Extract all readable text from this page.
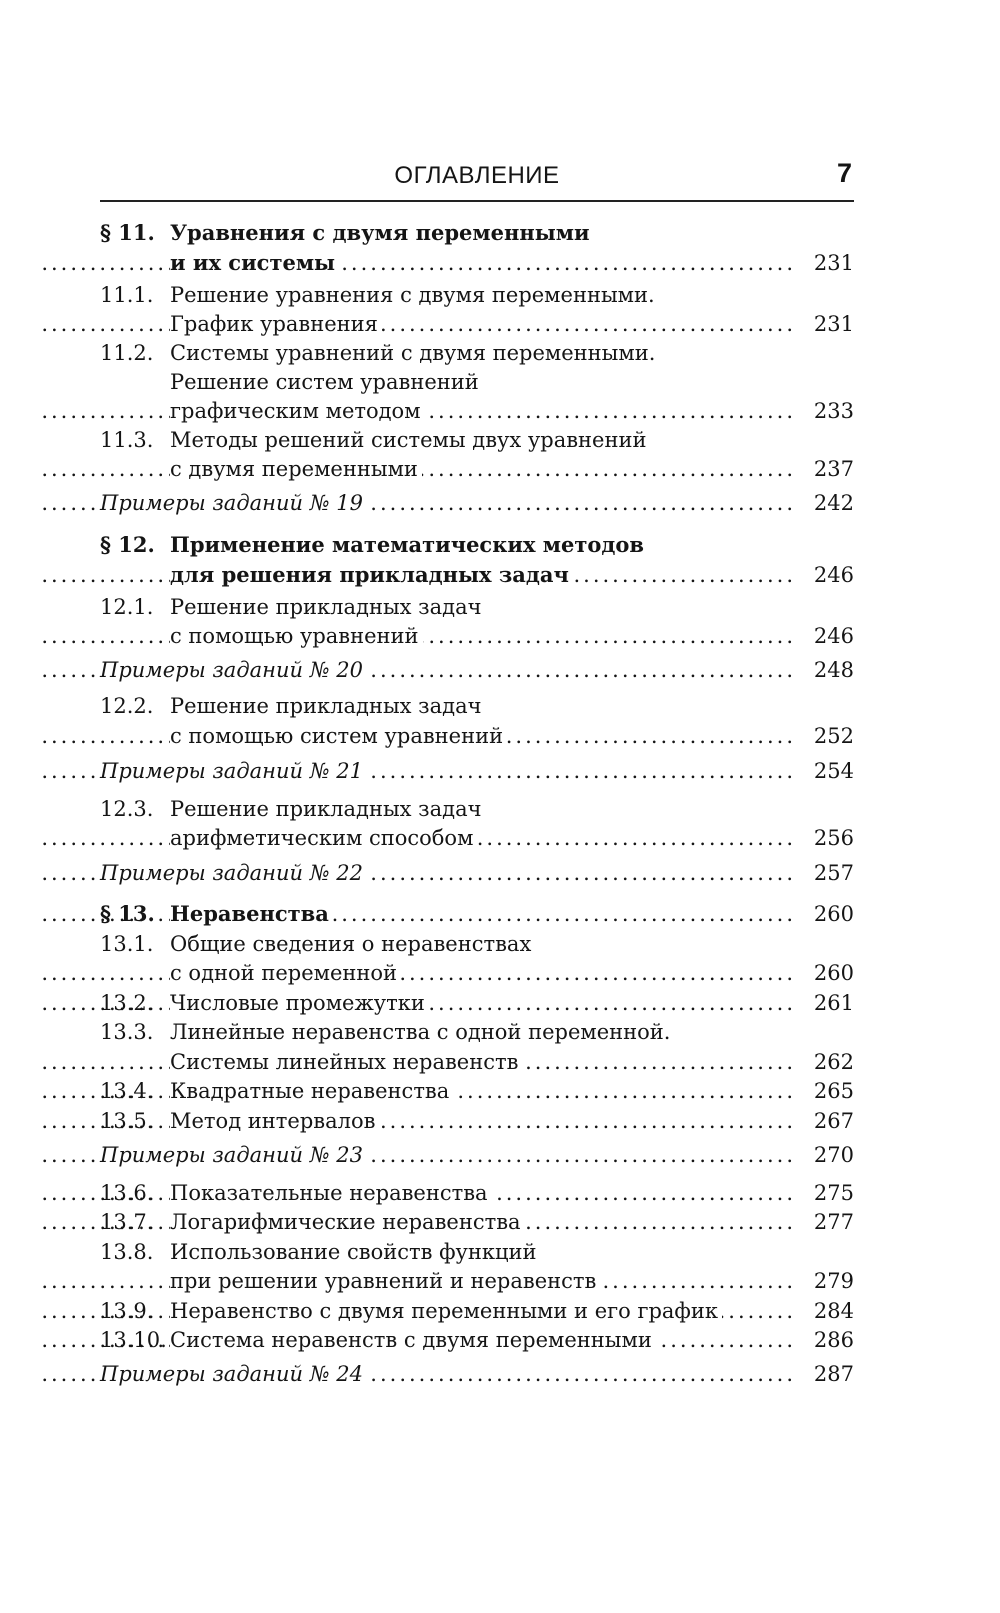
ОГЛАВЛЕНИЕ	7
§ 11. Уравнения с двумя переменными
.....
и их системы	231
11.1. Решение уравнения с двумя переменными.
.....
График уравнения	231
11.2. Системы уравнений с двумя переменными.
Решение систем уравнений
.....
графическим методом	233
11.3. Методы решений системы двух уравнений
.....
с двумя переменными	237
.....
Примеры заданий № 19	242
§ 12. Применение математических методов
.....
для решения прикладных задач	246
12.1. Решение прикладных задач
.....
с помощью уравнений	246
.....
Примеры заданий № 20	248
12.2. Решение прикладных задач
.....
с помощью систем уравнений	252
.....
Примеры заданий № 21	254
12.3. Решение прикладных задач
.....
арифметическим способом	256
.....
Примеры заданий № 22	257
§ 13. ..... Неравенства	260
13.1. Общие сведения о неравенствах
.....
с одной переменной	260
13.2. ..... Числовые промежутки	261
13.3. Линейные неравенства с одной переменной.
.....
Системы линейных неравенств	262
13.4. ..... Квадратные неравенства	265
13.5. ..... Метод интервалов	267
.....
Примеры заданий № 23	270
13.6. ..... Показательные неравенства	275
13.7. ..... Логарифмические неравенства	277
13.8. Использование свойств функций
.....
при решении уравнений и неравенств	279
13.9. ..... Неравенство с двумя переменными и его график	284
13.10. ..... Система неравенств с двумя переменными	286
.....
Примеры заданий № 24	287
